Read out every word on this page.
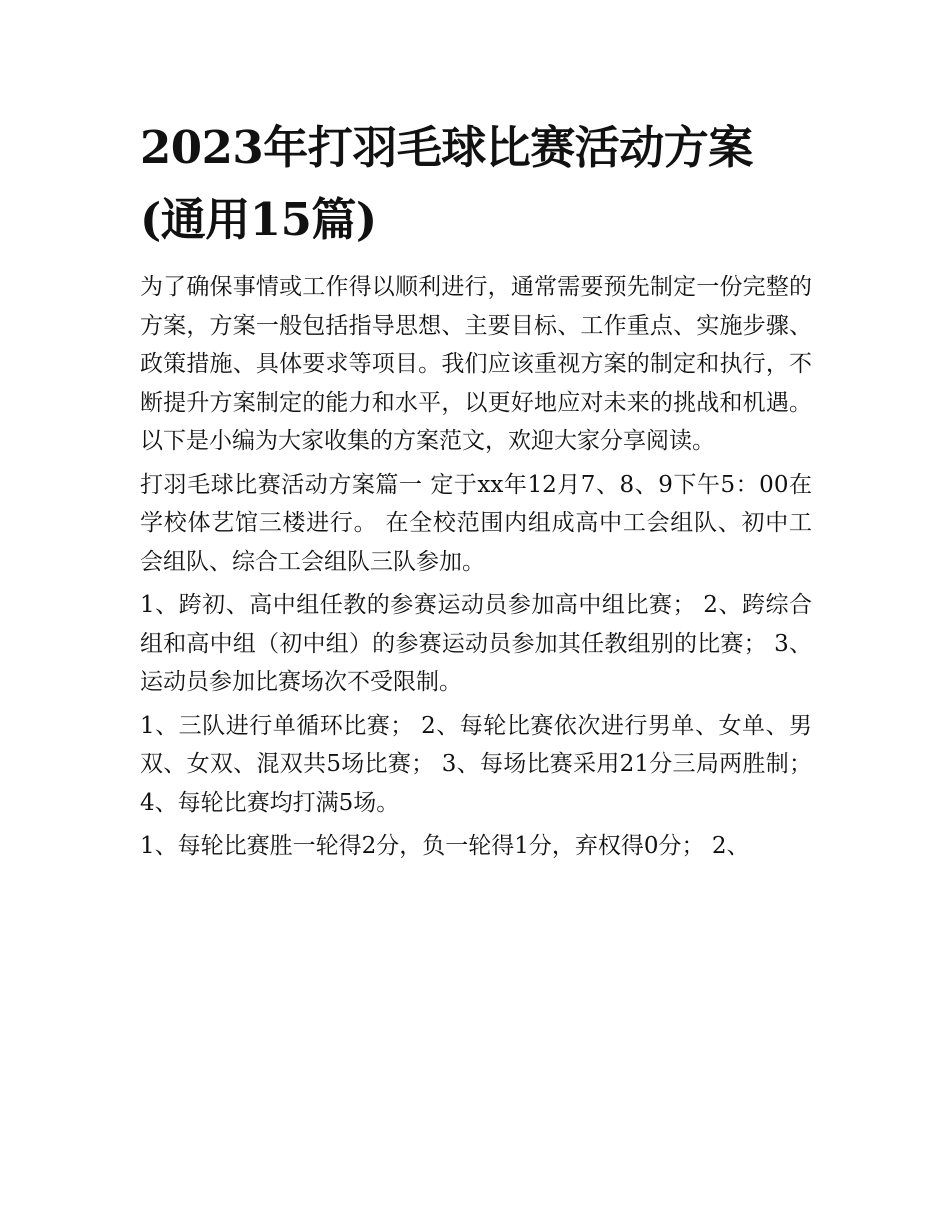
2023年打羽毛球比赛活动方案(通用15篇)

为了确保事情或工作得以顺利进行，通常需要预先制定一份完整的方案，方案一般包括指导思想、主要目标、工作重点、实施步骤、政策措施、具体要求等项目。我们应该重视方案的制定和执行，不断提升方案制定的能力和水平，以更好地应对未来的挑战和机遇。以下是小编为大家收集的方案范文，欢迎大家分享阅读。

打羽毛球比赛活动方案篇一 定于xx年12月7、8、9下午5：00在学校体艺馆三楼进行。 在全校范围内组成高中工会组队、初中工会组队、综合工会组队三队参加。

1、跨初、高中组任教的参赛运动员参加高中组比赛； 2、跨综合组和高中组（初中组）的参赛运动员参加其任教组别的比赛； 3、运动员参加比赛场次不受限制。

1、三队进行单循环比赛； 2、每轮比赛依次进行男单、女单、男双、女双、混双共5场比赛； 3、每场比赛采用21分三局两胜制； 4、每轮比赛均打满5场。

1、每轮比赛胜一轮得2分，负一轮得1分，弃权得0分； 2、
